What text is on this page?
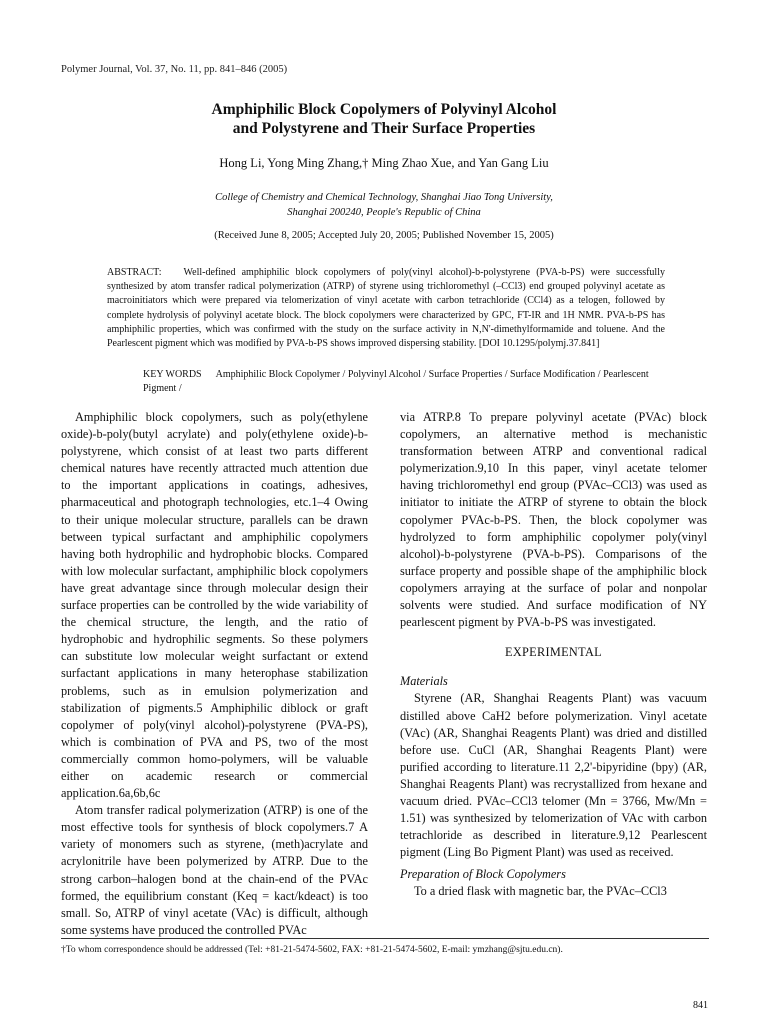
Polymer Journal, Vol. 37, No. 11, pp. 841–846 (2005)
Amphiphilic Block Copolymers of Polyvinyl Alcohol
and Polystyrene and Their Surface Properties
Hong Li, Yong Ming Zhang,† Ming Zhao Xue, and Yan Gang Liu
College of Chemistry and Chemical Technology, Shanghai Jiao Tong University,
Shanghai 200240, People's Republic of China
(Received June 8, 2005; Accepted July 20, 2005; Published November 15, 2005)
ABSTRACT: Well-defined amphiphilic block copolymers of poly(vinyl alcohol)-b-polystyrene (PVA-b-PS) were successfully synthesized by atom transfer radical polymerization (ATRP) of styrene using trichloromethyl (–CCl3) end grouped polyvinyl acetate as macroinitiators which were prepared via telomerization of vinyl acetate with carbon tetrachloride (CCl4) as a telogen, followed by complete hydrolysis of polyvinyl acetate block. The block copolymers were characterized by GPC, FT-IR and 1H NMR. PVA-b-PS has amphiphilic properties, which was confirmed with the study on the surface activity in N,N'-dimethylformamide and toluene. And the Pearlescent pigment which was modified by PVA-b-PS shows improved dispersing stability. [DOI 10.1295/polymj.37.841]
KEY WORDS Amphiphilic Block Copolymer / Polyvinyl Alcohol / Surface Properties / Surface Modification / Pearlescent Pigment /

Amphiphilic block copolymers, such as poly(ethylene oxide)-b-poly(butyl acrylate) and poly(ethylene oxide)-b-polystyrene, which consist of at least two parts different chemical natures have recently attracted much attention due to the important applications in coatings, adhesives, pharmaceutical and photograph technologies, etc.1–4 Owing to their unique molecular structure, parallels can be drawn between typical surfactant and amphiphilic copolymers having both hydrophilic and hydrophobic blocks. Compared with low molecular surfactant, amphiphilic block copolymers have great advantage since through molecular design their surface properties can be controlled by the wide variability of the chemical structure, the length, and the ratio of hydrophobic and hydrophilic segments. So these polymers can substitute low molecular weight surfactant or extend surfactant applications in many heterophase stabilization problems, such as in emulsion polymerization and stabilization of pigments.5 Amphiphilic diblock or graft copolymer of poly(vinyl alcohol)-polystyrene (PVA-PS), which is combination of PVA and PS, two of the most commercially common homo-polymers, will be valuable either on academic research or commercial application.6a,6b,6c

Atom transfer radical polymerization (ATRP) is one of the most effective tools for synthesis of block copolymers.7 A variety of monomers such as styrene, (meth)acrylate and acrylonitrile have been polymerized by ATRP. Due to the strong carbon–halogen bond at the chain-end of the PVAc formed, the equilibrium constant (Keq = kact/kdeact) is too small. So, ATRP of vinyl acetate (VAc) is difficult, although some systems have produced the controlled PVAc

via ATRP.8 To prepare polyvinyl acetate (PVAc) block copolymers, an alternative method is mechanistic transformation between ATRP and conventional radical polymerization.9,10 In this paper, vinyl acetate telomer having trichloromethyl end group (PVAc–CCl3) was used as initiator to initiate the ATRP of styrene to obtain the block copolymer PVAc-b-PS. Then, the block copolymer was hydrolyzed to form amphiphilic copolymer poly(vinyl alcohol)-b-polystyrene (PVA-b-PS). Comparisons of the surface property and possible shape of the amphiphilic block copolymers arraying at the surface of polar and nonpolar solvents were studied. And surface modification of NY pearlescent pigment by PVA-b-PS was investigated.

EXPERIMENTAL
Materials

Styrene (AR, Shanghai Reagents Plant) was vacuum distilled above CaH2 before polymerization. Vinyl acetate (VAc) (AR, Shanghai Reagents Plant) was dried and distilled before use. CuCl (AR, Shanghai Reagents Plant) were purified according to literature.11 2,2'-bipyridine (bpy) (AR, Shanghai Reagents Plant) was recrystallized from hexane and vacuum dried. PVAc–CCl3 telomer (Mn = 3766, Mw/Mn = 1.51) was synthesized by telomerization of VAc with carbon tetrachloride as described in literature.9,12 Pearlescent pigment (Ling Bo Pigment Plant) was used as received.

Preparation of Block Copolymers

To a dried flask with magnetic bar, the PVAc–CCl3

†To whom correspondence should be addressed (Tel: +81-21-5474-5602, FAX: +81-21-5474-5602, E-mail: ymzhang@sjtu.edu.cn).
841
